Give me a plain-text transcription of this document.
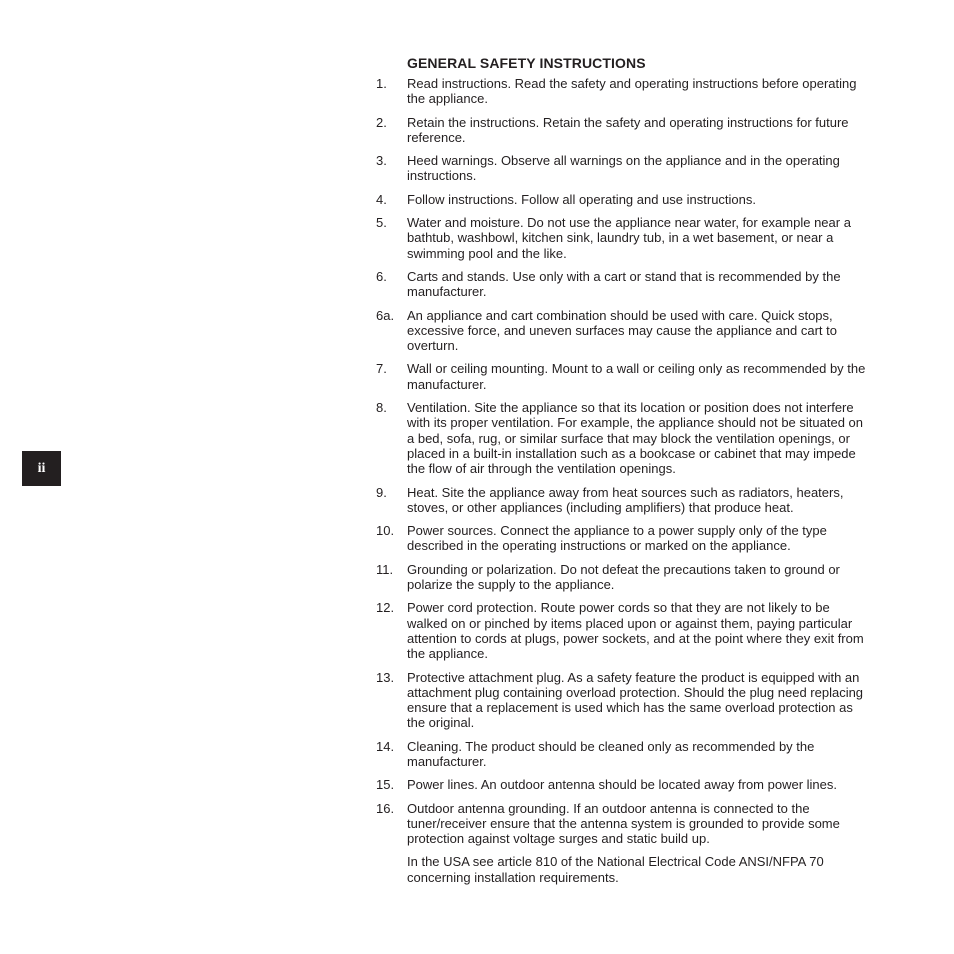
ii
GENERAL SAFETY INSTRUCTIONS
1.	Read instructions. Read the safety and operating instructions before operating the appliance.
2.	Retain the instructions. Retain the safety and operating instructions for future reference.
3.	Heed warnings. Observe all warnings on the appliance and in the operating instructions.
4.	Follow instructions. Follow all operating and use instructions.
5.	Water and moisture. Do not use the appliance near water, for example near a bathtub, washbowl, kitchen sink, laundry tub, in a wet basement, or near a swimming pool and the like.
6.	Carts and stands. Use only with a cart or stand that is recommended by the manufacturer.
6a. An appliance and cart combination should be used with care. Quick stops, excessive force, and uneven surfaces may cause the appliance and cart to overturn.
7.	Wall or ceiling mounting. Mount to a wall or ceiling only as recommended by the manufacturer.
8.	Ventilation. Site the appliance so that its location or position does not interfere with its proper ventilation. For example, the appliance should not be situated on a bed, sofa, rug, or similar surface that may block the ventilation openings, or placed in a built-in installation such as a bookcase or cabinet that may impede the flow of air through the ventilation openings.
9.	Heat. Site the appliance away from heat sources such as radiators, heaters, stoves, or other appliances (including amplifiers) that produce heat.
10. Power sources. Connect the appliance to a power supply only of the type described in the operating instructions or marked on the appliance.
11.	Grounding or polarization. Do not defeat the precautions taken to ground or polarize the supply to the appliance.
12. Power cord protection. Route power cords so that they are not likely to be walked on or pinched by items placed upon or against them, paying particular attention to cords at plugs, power sockets, and at the point where they exit from the appliance.
13. Protective attachment plug. As a safety feature the product is equipped with an attachment plug containing overload protection. Should the plug need replacing ensure that a replacement is used which has the same overload protection as the original.
14. Cleaning. The product should be cleaned only as recommended by the manufacturer.
15. Power lines. An outdoor antenna should be located away from power lines.
16. Outdoor antenna grounding. If an outdoor antenna is connected to the tuner/receiver ensure that the antenna system is grounded to provide some protection against voltage surges and static build up.

In the USA see article 810 of the National Electrical Code ANSI/NFPA 70 concerning installation requirements.
